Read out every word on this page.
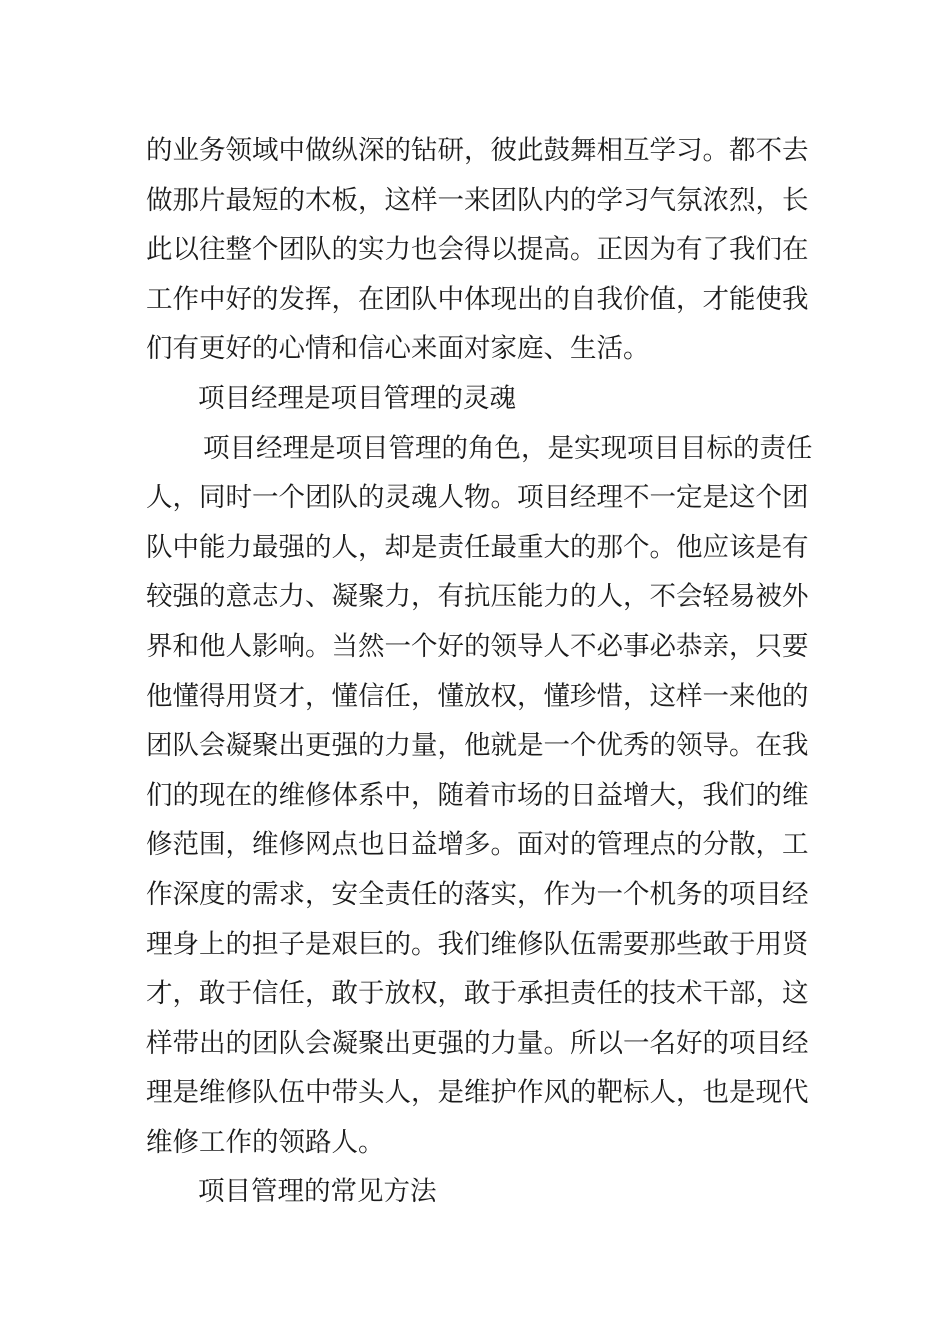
的业务领域中做纵深的钻研，彼此鼓舞相互学习。都不去
做那片最短的木板，这样一来团队内的学习气氛浓烈，长
此以往整个团队的实力也会得以提高。正因为有了我们在
工作中好的发挥，在团队中体现出的自我价值，才能使我
们有更好的心情和信心来面对家庭、生活。
项目经理是项目管理的灵魂
项目经理是项目管理的角色，是实现项目目标的责任
人，同时一个团队的灵魂人物。项目经理不一定是这个团
队中能力最强的人，却是责任最重大的那个。他应该是有
较强的意志力、凝聚力，有抗压能力的人，不会轻易被外
界和他人影响。当然一个好的领导人不必事必恭亲，只要
他懂得用贤才，懂信任，懂放权，懂珍惜，这样一来他的
团队会凝聚出更强的力量，他就是一个优秀的领导。在我
们的现在的维修体系中，随着市场的日益增大，我们的维
修范围，维修网点也日益增多。面对的管理点的分散，工
作深度的需求，安全责任的落实，作为一个机务的项目经
理身上的担子是艰巨的。我们维修队伍需要那些敢于用贤
才，敢于信任，敢于放权，敢于承担责任的技术干部，这
样带出的团队会凝聚出更强的力量。所以一名好的项目经
理是维修队伍中带头人，是维护作风的靶标人，也是现代
维修工作的领路人。
项目管理的常见方法
